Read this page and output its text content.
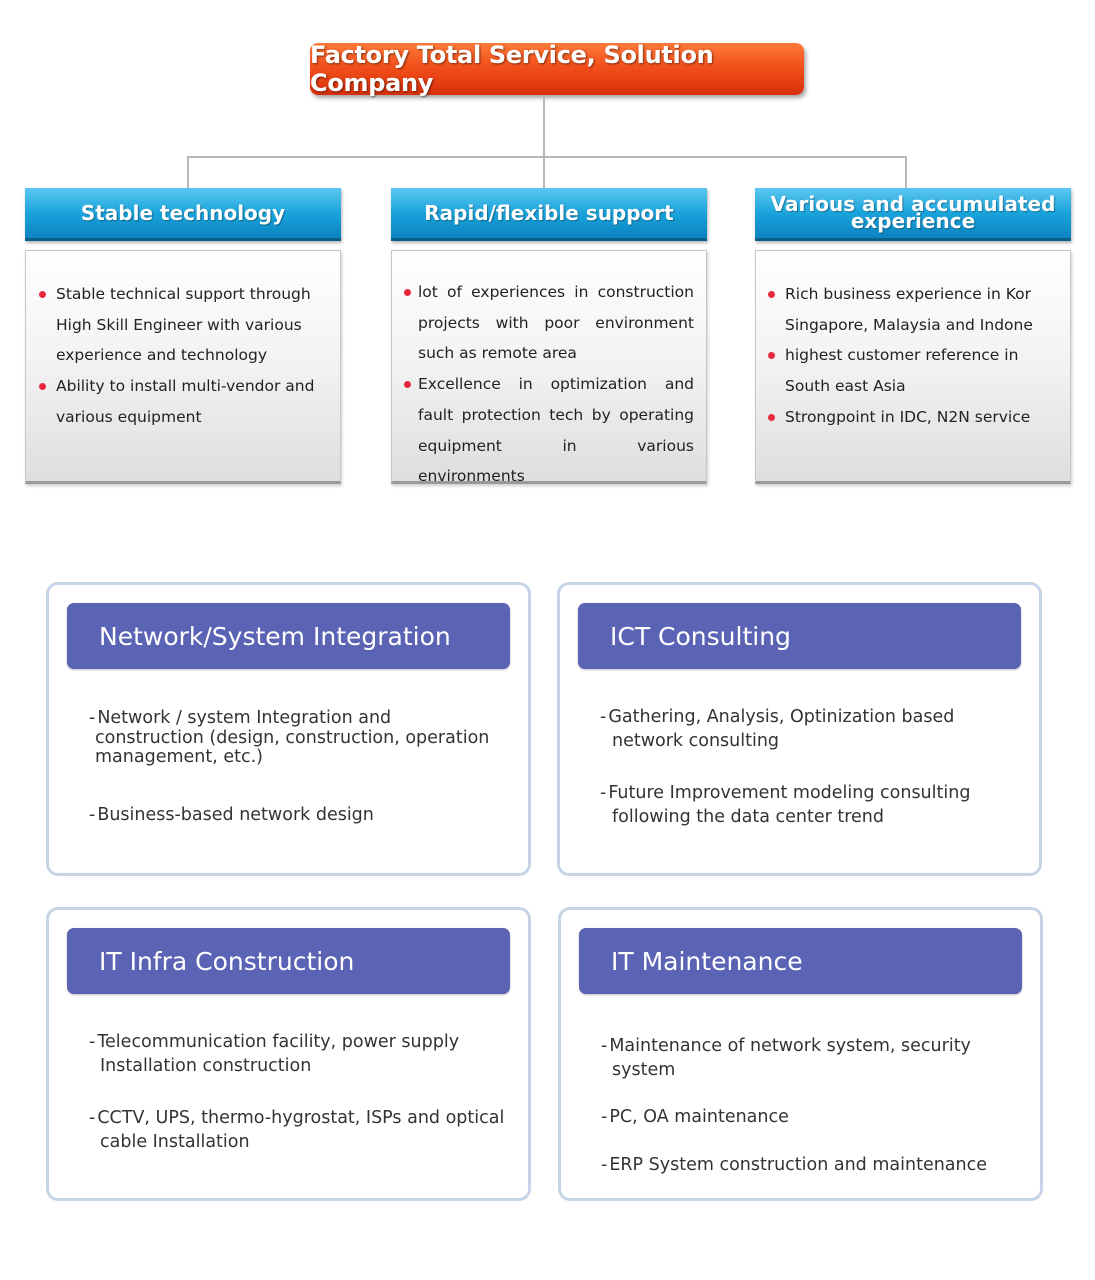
Factory Total Service, Solution Company
Stable technology
Stable technical support through
High Skill Engineer with various
experience and technology
Ability to install multi-vendor and
various equipment
Rapid/flexible support
lot of experiences in construction
projects with poor environment
such as remote area
Excellence in optimization and
fault protection tech by operating
equipment in various environments
Various and accumulated
experience
Rich business experience in Kor
Singapore, Malaysia and Indone
highest customer reference in
South east Asia
Strongpoint in IDC, N2N service
Network/System Integration
- Network / system Integration and
construction (design, construction, operation
management, etc.)
- Business-based network design
ICT Consulting
- Gathering, Analysis, Optinization based
network consulting
- Future Improvement modeling consulting
following the data center trend
IT Infra Construction
- Telecommunication facility, power supply
Installation construction
- CCTV, UPS, thermo-hygrostat, ISPs and optical
cable Installation
IT Maintenance
- Maintenance of network system, security
system
- PC, OA maintenance
- ERP System construction and maintenance
